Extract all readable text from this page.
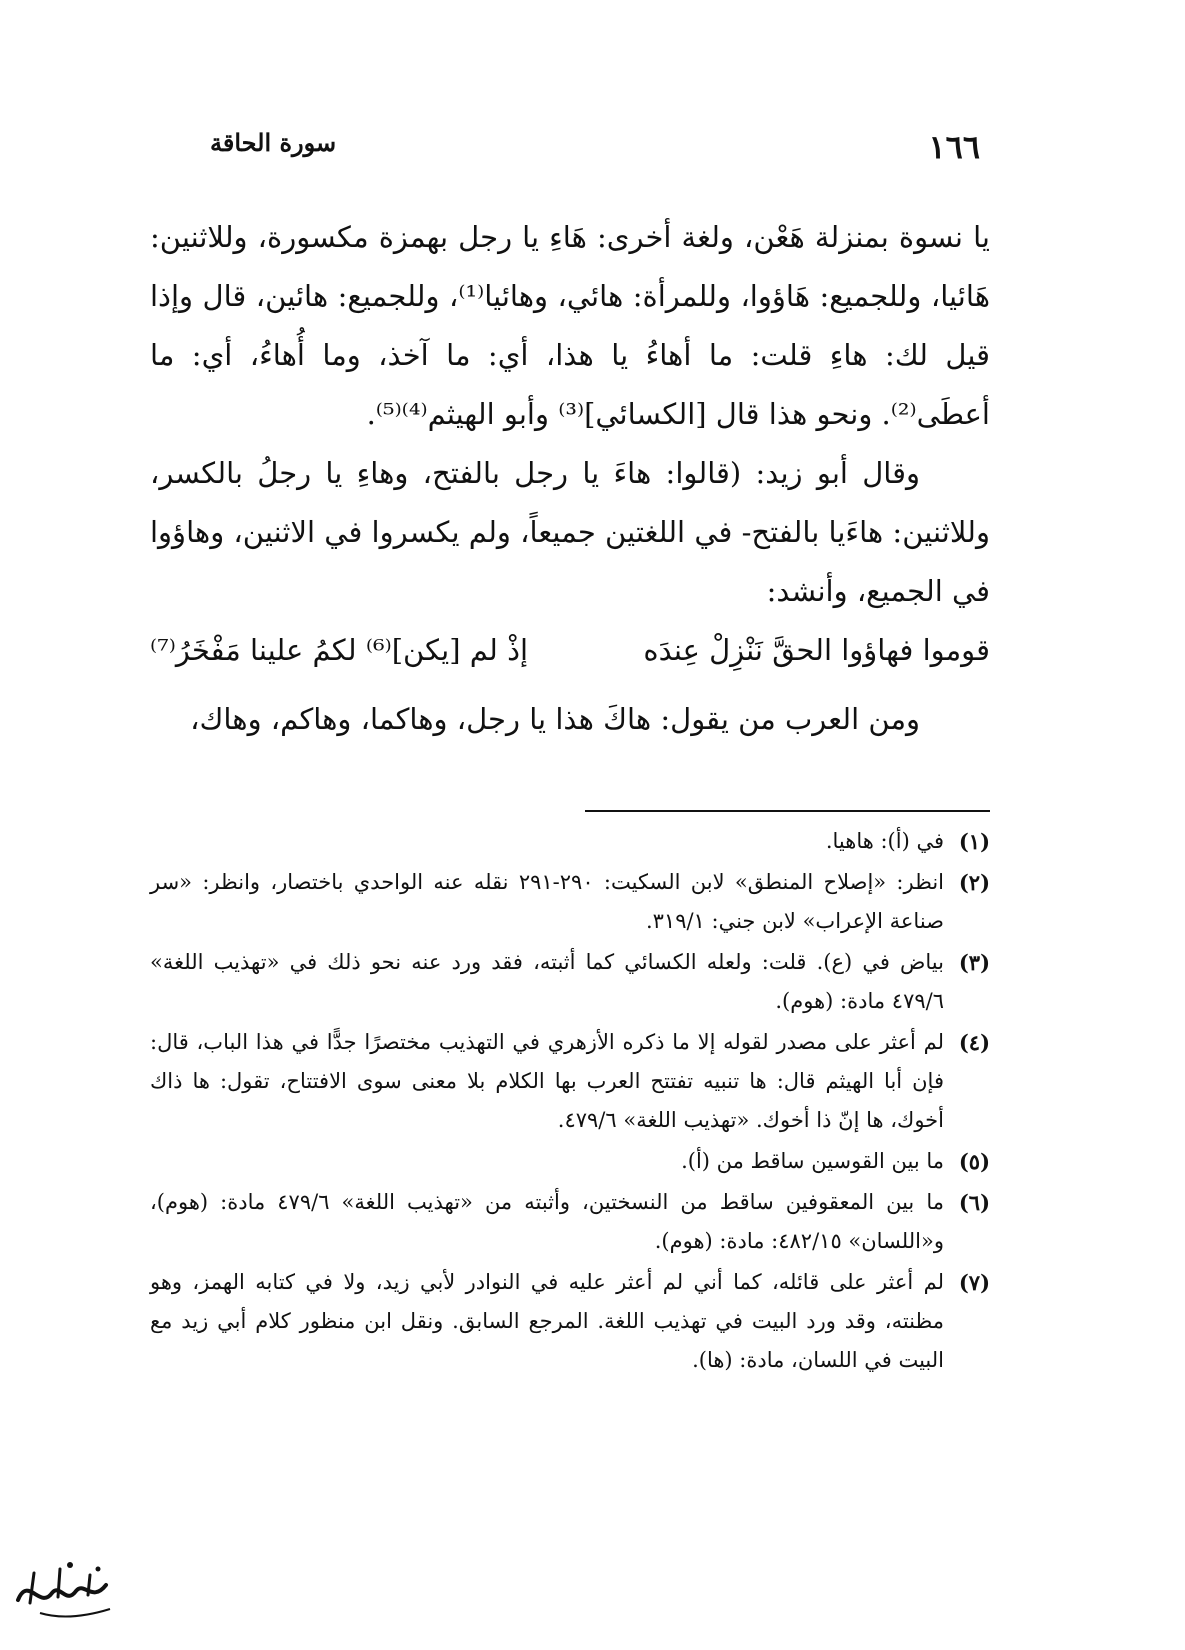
١٦٦
سورة الحاقة

يا نسوة بمنزلة هَعْن، ولغة أخرى: هَاءِ يا رجل بهمزة مكسورة، وللاثنين: هَائيا، وللجميع: هَاؤوا، وللمرأة: هائي، وهائيا⁽¹⁾، وللجميع: هائين، قال وإذا قيل لك: هاءِ قلت: ما أهاءُ يا هذا، أي: ما آخذ، وما أُهاءُ، أي: ما أعطَى⁽²⁾. ونحو هذا قال [الكسائي]⁽³⁾ وأبو الهيثم⁽⁴⁾⁽⁵⁾.

وقال أبو زيد: (قالوا: هاءَ يا رجل بالفتح، وهاءِ يا رجلُ بالكسر، وللاثنين: هاءَيا بالفتح- في اللغتين جميعاً، ولم يكسروا في الاثنين، وهاؤوا في الجميع، وأنشد:

قوموا فهاؤوا الحقَّ نَنْزِلْ عِندَه
إذْ لم [يكن]⁽⁶⁾ لكمُ علينا مَفْخَرُ⁽⁷⁾

ومن العرب من يقول: هاكَ هذا يا رجل، وهاكما، وهاكم، وهاك،

(١)
في (أ): هاهيا.
(٢)
انظر: «إصلاح المنطق» لابن السكيت: ٢٩٠-٢٩١ نقله عنه الواحدي باختصار، وانظر: «سر صناعة الإعراب» لابن جني: ٣١٩/١.
(٣)
بياض في (ع). قلت: ولعله الكسائي كما أثبته، فقد ورد عنه نحو ذلك في «تهذيب اللغة» ٤٧٩/٦ مادة: (هوم).
(٤)
لم أعثر على مصدر لقوله إلا ما ذكره الأزهري في التهذيب مختصرًا جدًّا في هذا الباب، قال: فإن أبا الهيثم قال: ها تنبيه تفتتح العرب بها الكلام بلا معنى سوى الافتتاح، تقول: ها ذاك أخوك، ها إنّ ذا أخوك. «تهذيب اللغة» ٤٧٩/٦.
(٥)
ما بين القوسين ساقط من (أ).
(٦)
ما بين المعقوفين ساقط من النسختين، وأثبته من «تهذيب اللغة» ٤٧٩/٦ مادة: (هوم)، و«اللسان» ٤٨٢/١٥: مادة: (هوم).
(٧)
لم أعثر على قائله، كما أني لم أعثر عليه في النوادر لأبي زيد، ولا في كتابه الهمز، وهو مظنته، وقد ورد البيت في تهذيب اللغة. المرجع السابق. ونقل ابن منظور كلام أبي زيد مع البيت في اللسان، مادة: (ها).
